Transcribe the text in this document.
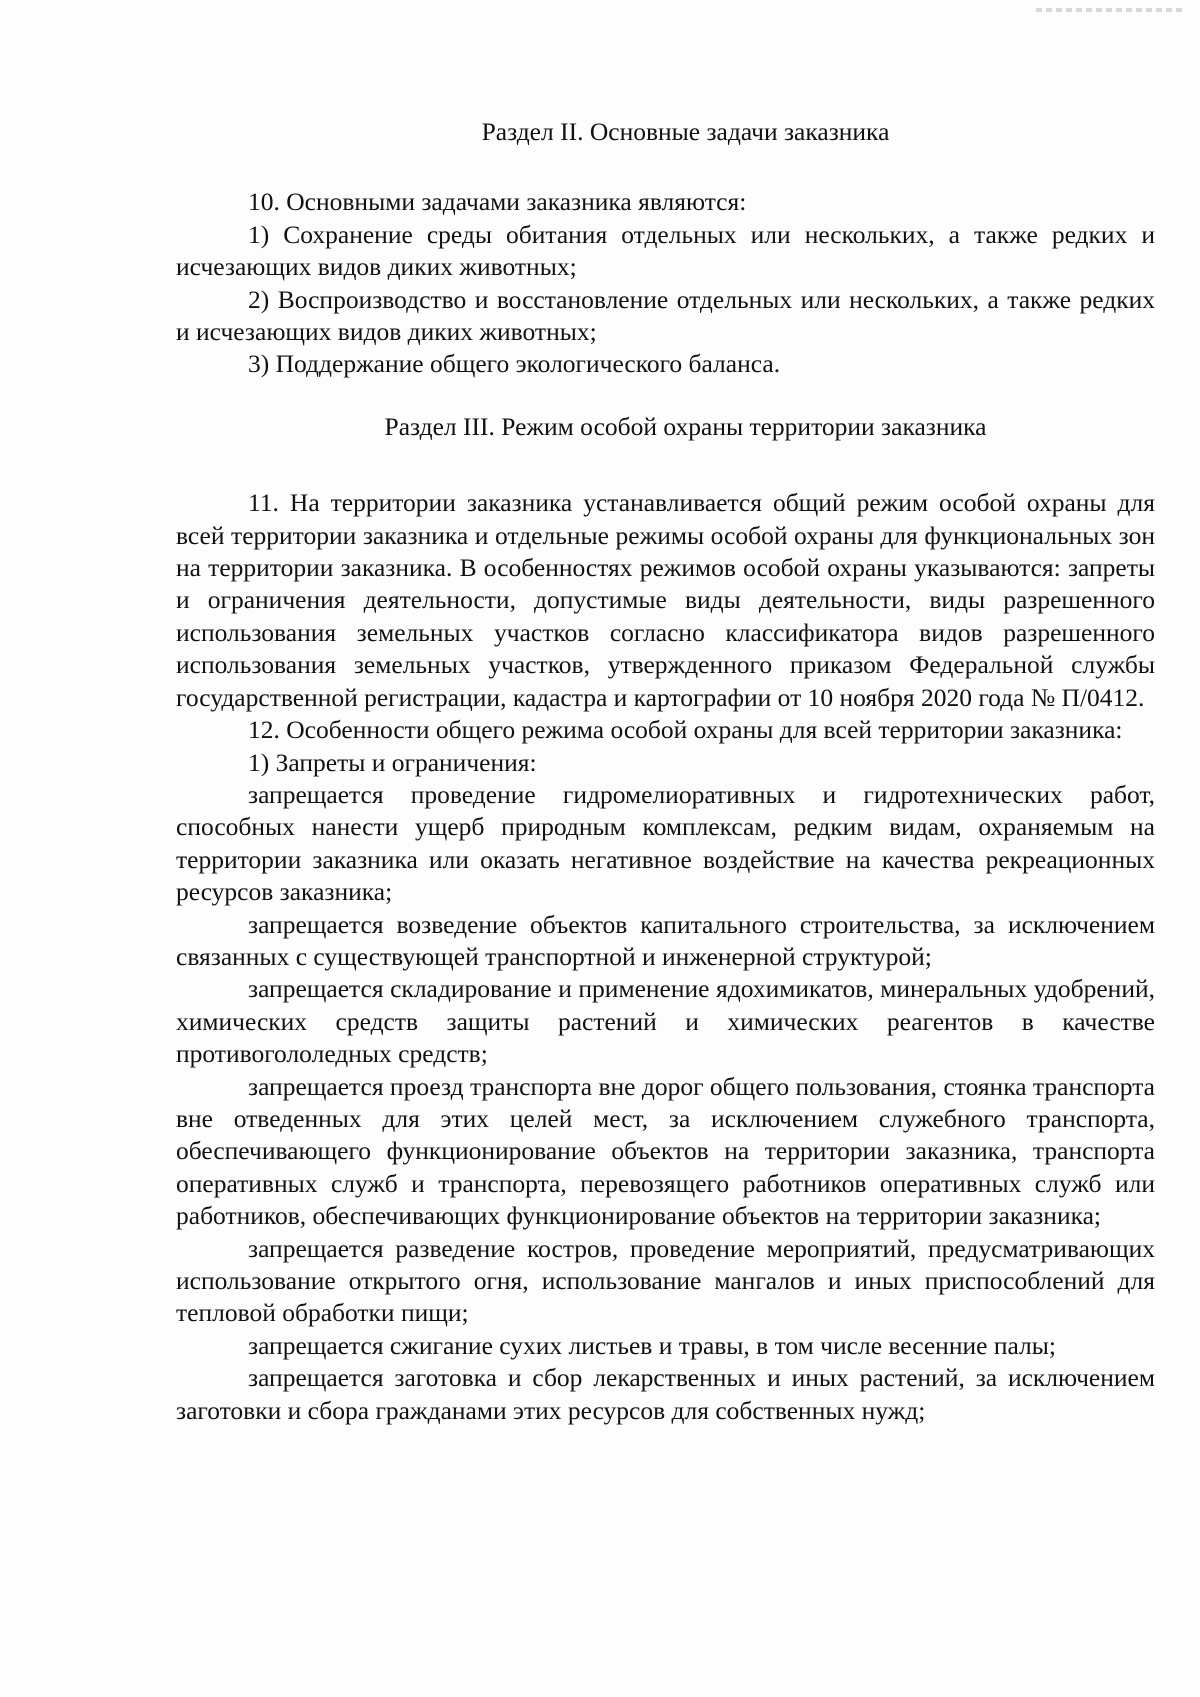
Раздел II. Основные задачи заказника

10. Основными задачами заказника являются:

1) Сохранение среды обитания отдельных или нескольких, а также редких и исчезающих видов диких животных;

2) Воспроизводство и восстановление отдельных или нескольких, а также редких и исчезающих видов диких животных;

3) Поддержание общего экологического баланса.

Раздел III. Режим особой охраны территории заказника

11. На территории заказника устанавливается общий режим особой охраны для всей территории заказника и отдельные режимы особой охраны для функциональных зон на территории заказника. В особенностях режимов особой охраны указываются: запреты и ограничения деятельности, допустимые виды деятельности, виды разрешенного использования земельных участков согласно классификатора видов разрешенного использования земельных участков, утвержденного приказом Федеральной службы государственной регистрации, кадастра и картографии от 10 ноября 2020 года № П/0412.

12. Особенности общего режима особой охраны для всей территории заказника:

1) Запреты и ограничения:

запрещается проведение гидромелиоративных и гидротехнических работ, способных нанести ущерб природным комплексам, редким видам, охраняемым на территории заказника или оказать негативное воздействие на качества рекреационных ресурсов заказника;

запрещается возведение объектов капитального строительства, за исключением связанных с существующей транспортной и инженерной структурой;

запрещается складирование и применение ядохимикатов, минеральных удобрений, химических средств защиты растений и химических реагентов в качестве противогололедных средств;

запрещается проезд транспорта вне дорог общего пользования, стоянка транспорта вне отведенных для этих целей мест, за исключением служебного транспорта, обеспечивающего функционирование объектов на территории заказника, транспорта оперативных служб и транспорта, перевозящего работников оперативных служб или работников, обеспечивающих функционирование объектов на территории заказника;

запрещается разведение костров, проведение мероприятий, предусматривающих использование открытого огня, использование мангалов и иных приспособлений для тепловой обработки пищи;

запрещается сжигание сухих листьев и травы, в том числе весенние палы;

запрещается заготовка и сбор лекарственных и иных растений, за исключением заготовки и сбора гражданами этих ресурсов для собственных нужд;
